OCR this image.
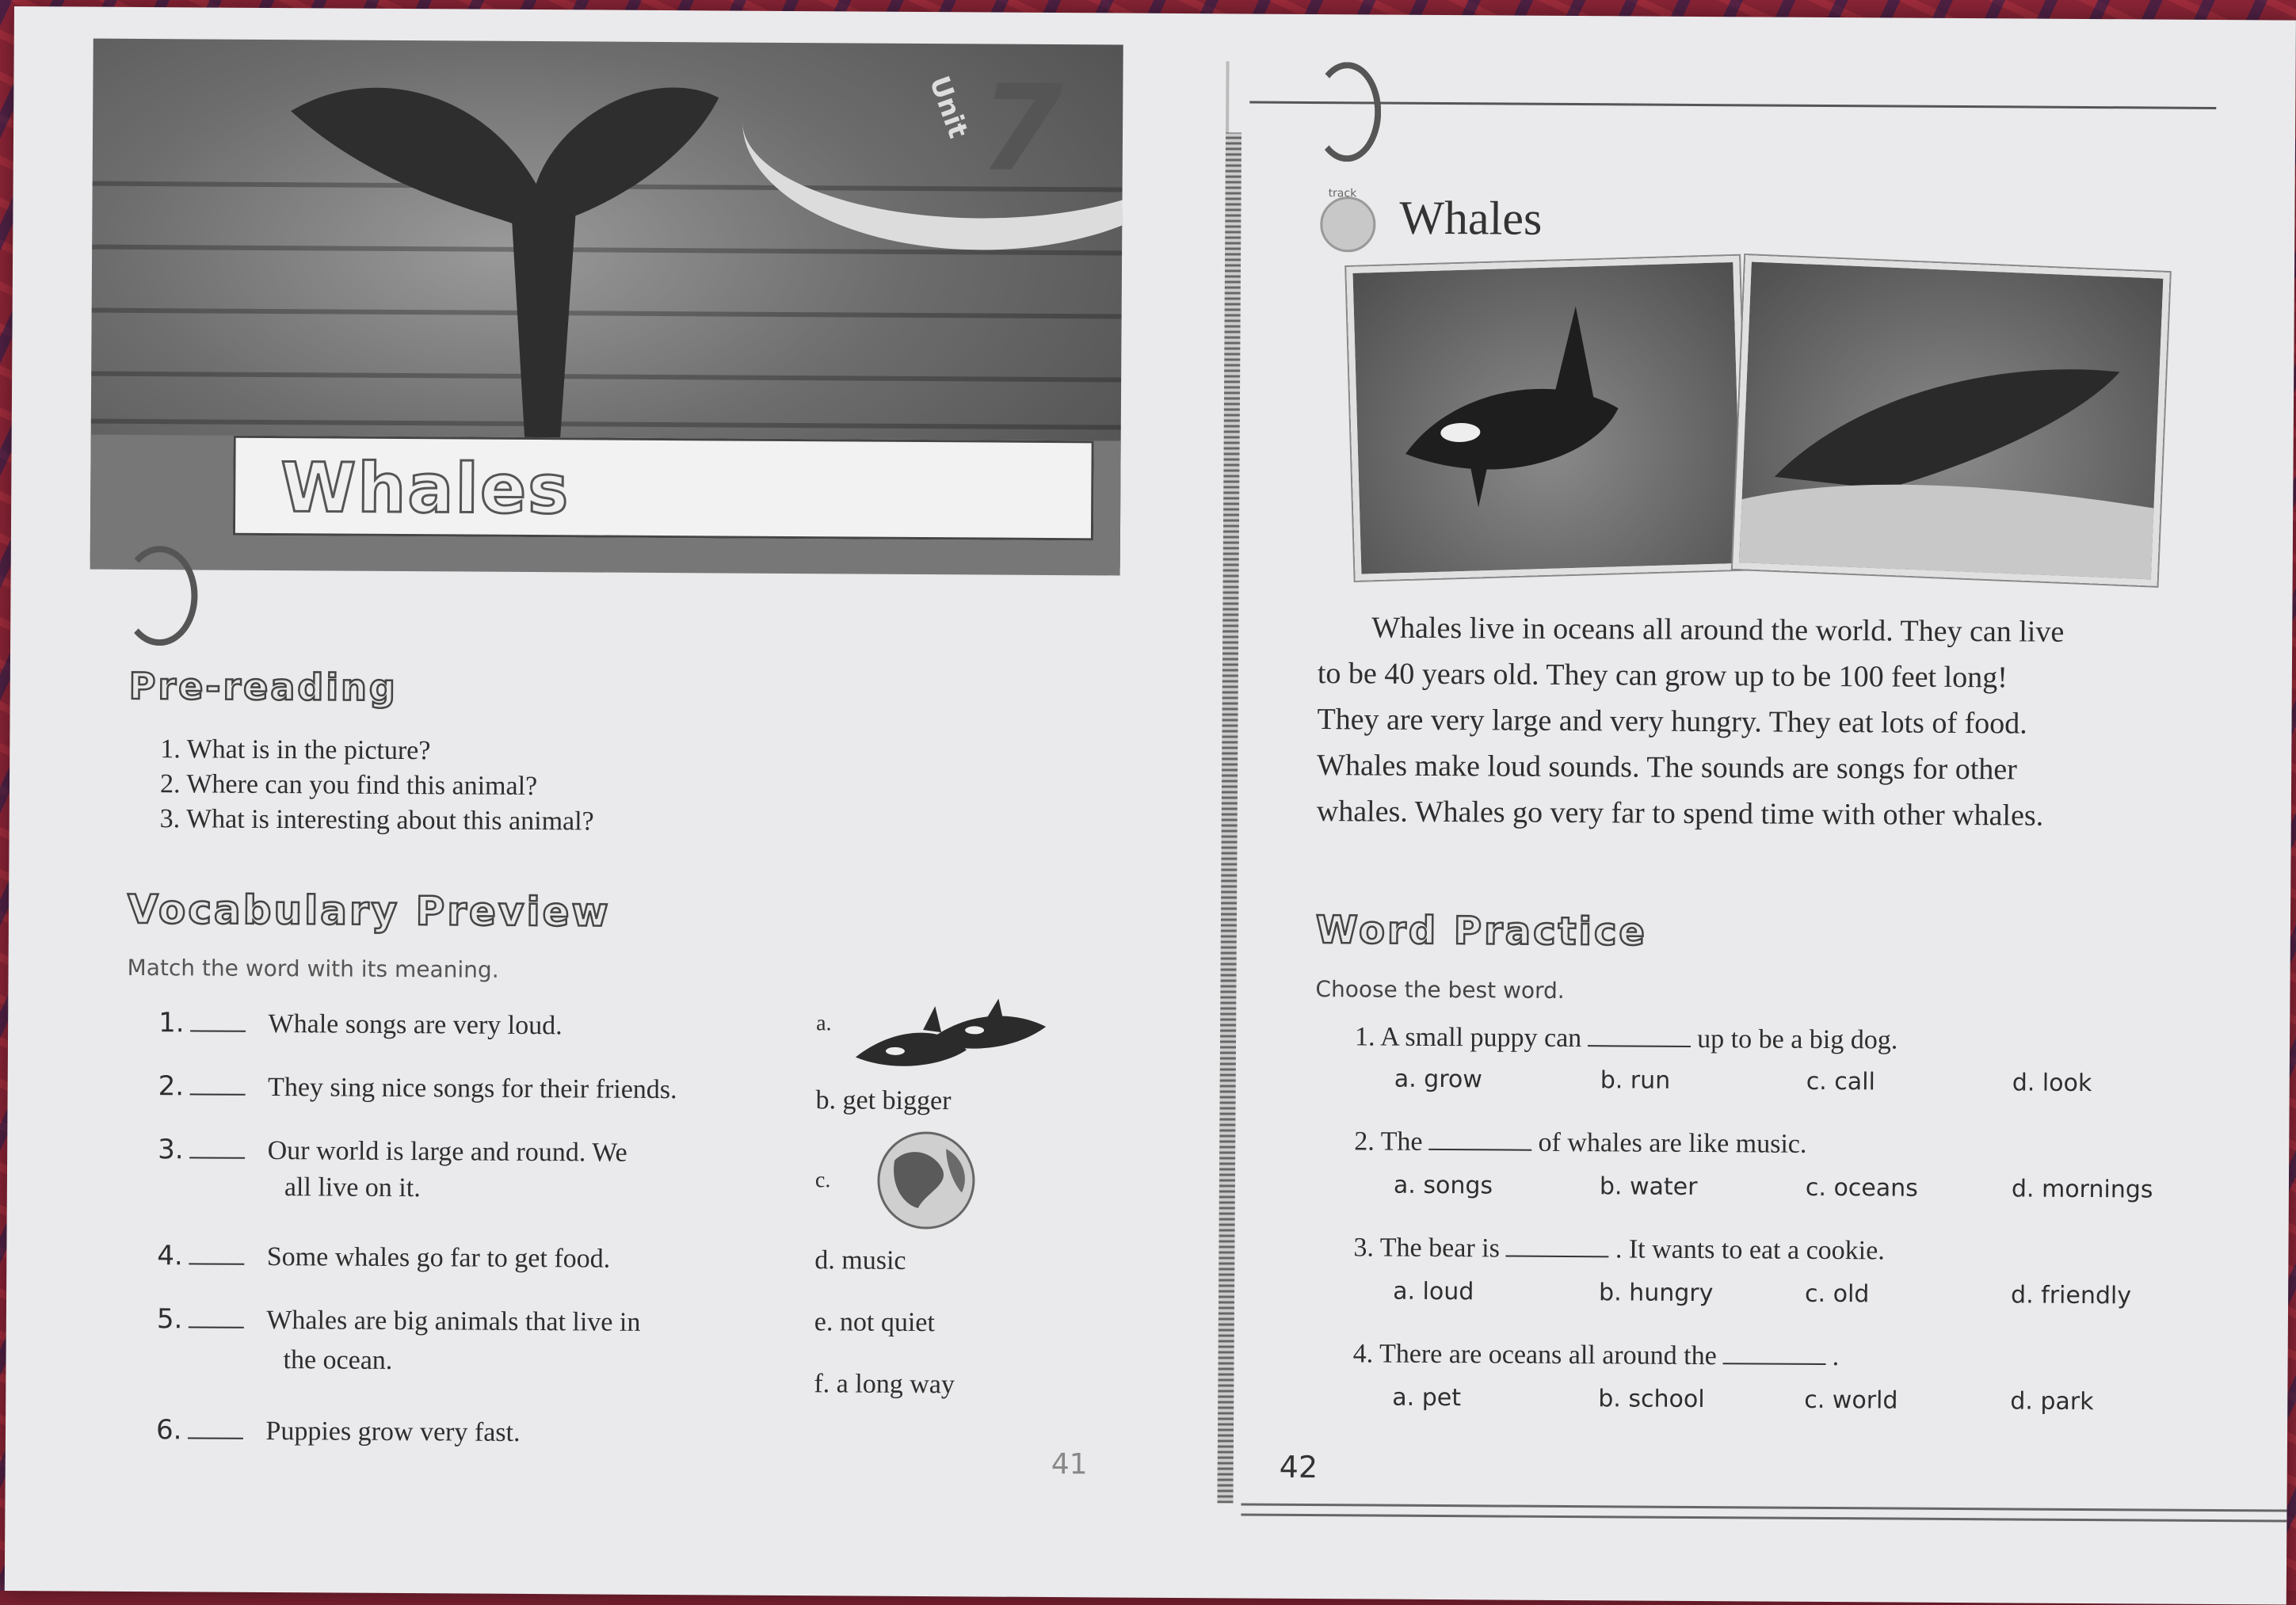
Unit 7
Whales
Pre-reading
1. What is in the picture?
2. Where can you find this animal?
3. What is interesting about this animal?
Vocabulary Preview
Match the word with its meaning.
1.	Whale songs are very loud.
2.	They sing nice songs for their friends.
3.	Our world is large and round. We
all live on it.
4.	Some whales go far to get food.
5.	Whales are big animals that live in
the ocean.
6.	Puppies grow very fast.
a.
b. get bigger
c.
d. music
e. not quiet
f. a long way
41
track Whales
Whales live in oceans all around the world. They can live
to be 40 years old. They can grow up to be 100 feet long!
They are very large and very hungry. They eat lots of food.
Whales make loud sounds. The sounds are songs for other
whales. Whales go very far to spend time with other whales.
Word Practice
Choose the best word.
1. A small puppy can	up to be a big dog.
a. grow	b. run	c. call	d. look
2. The	of whales are like music.
a. songs	b. water	c. oceans	d. mornings
3. The bear is	. It wants to eat a cookie.
a. loud	b. hungry	c. old	d. friendly
4. There are oceans all around the	.
a. pet	b. school	c. world	d. park
42
